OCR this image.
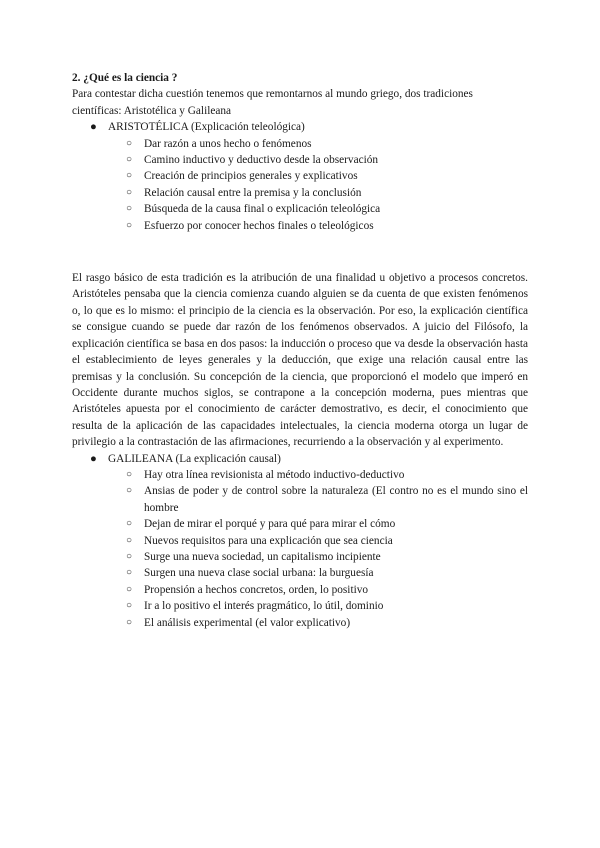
2. ¿Qué es la ciencia ?

Para contestar dicha cuestión tenemos que remontarnos al mundo griego, dos tradiciones científicas: Aristotélica y Galileana

● ARISTOTÉLICA (Explicación teleológica)
○ Dar razón a unos hecho o fenómenos
○ Camino inductivo y deductivo desde la observación
○ Creación de principios generales y explicativos
○ Relación causal entre la premisa y la conclusión
○ Búsqueda de la causa final o explicación teleológica
○ Esfuerzo por conocer hechos finales o teleológicos

El rasgo básico de esta tradición es la atribución de una finalidad u objetivo a procesos concretos. Aristóteles pensaba que la ciencia comienza cuando alguien se da cuenta de que existen fenómenos o, lo que es lo mismo: el principio de la ciencia es la observación. Por eso, la explicación científica se consigue cuando se puede dar razón de los fenómenos observados. A juicio del Filósofo, la explicación científica se basa en dos pasos: la inducción o proceso que va desde la observación hasta el establecimiento de leyes generales y la deducción, que exige una relación causal entre las premisas y la conclusión. Su concepción de la ciencia, que proporcionó el modelo que imperó en Occidente durante muchos siglos, se contrapone a la concepción moderna, pues mientras que Aristóteles apuesta por el conocimiento de carácter demostrativo, es decir, el conocimiento que resulta de la aplicación de las capacidades intelectuales, la ciencia moderna otorga un lugar de privilegio a la contrastación de las afirmaciones, recurriendo a la observación y al experimento.

● GALILEANA (La explicación causal)
○ Hay otra línea revisionista al método inductivo-deductivo
○ Ansias de poder y de control sobre la naturaleza (El contro no es el mundo sino el hombre
○ Dejan de mirar el porqué y para qué para mirar el cómo
○ Nuevos requisitos para una explicación que sea ciencia
○ Surge una nueva sociedad, un capitalismo incipiente
○ Surgen una nueva clase social urbana: la burguesía
○ Propensión a hechos concretos, orden, lo positivo
○ Ir a lo positivo el interés pragmático, lo útil, dominio
○ El análisis experimental (el valor explicativo)
